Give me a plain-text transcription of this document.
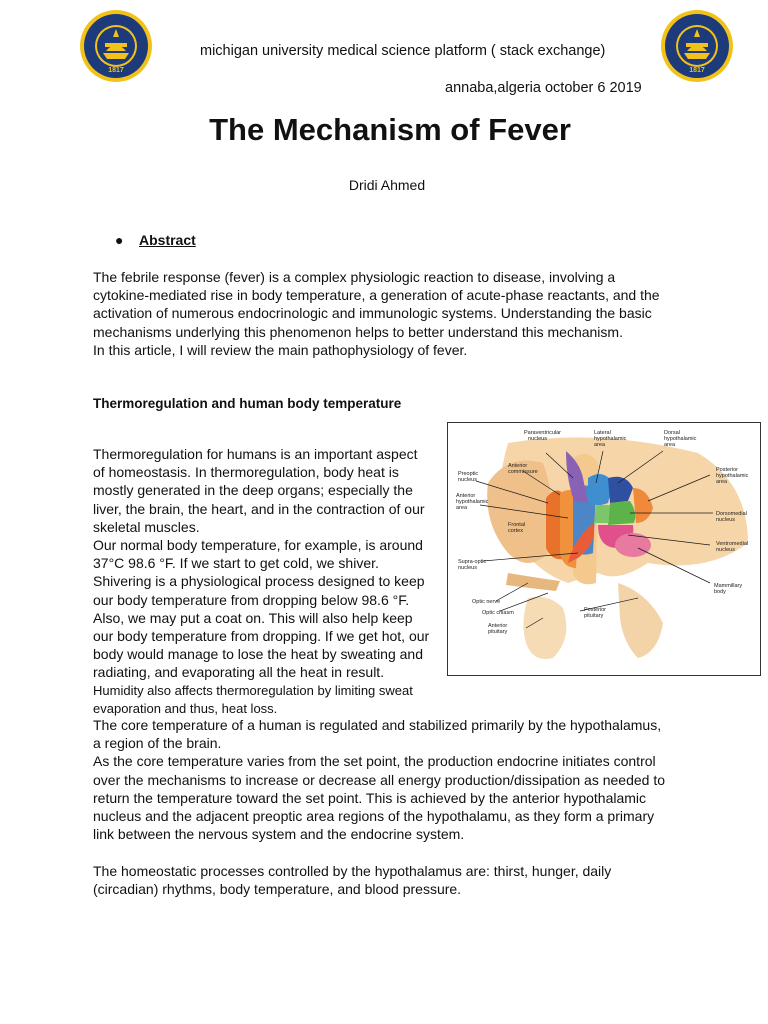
1817	1817
michigan university medical science platform ( stack exchange)
annaba,algeria october 6 2019
The Mechanism of Fever
Dridi Ahmed
● Abstract

The febrile response (fever) is a complex physiologic reaction to disease, involving a

cytokine-mediated rise in body temperature, a generation of acute-phase reactants, and the

activation of numerous endocrinologic and immunologic systems. Understanding the basic

mechanisms underlying this phenomenon helps to better understand this mechanism.

In this article, I will review the main pathophysiology of fever.

Thermoregulation and human body temperature
Thermoregulation for humans is an important aspect
of homeostasis. In thermoregulation, body heat is
mostly generated in the deep organs; especially the
liver, the brain, the heart, and in the contraction of our
skeletal muscles.
Our normal body temperature, for example, is around
37°C 98.6 °F. If we start to get cold, we shiver.
Shivering is a physiological process designed to keep
our body temperature from dropping below 98.6 °F.
Also, we may put a coat on. This will also help keep
our body temperature from dropping. If we get hot, our
body would manage to lose the heat by sweating and
radiating, and evaporating all the heat in result.
Humidity also affects thermoregulation by limiting sweat
evaporation and thus, heat loss.

The core temperature of a human is regulated and stabilized primarily by the hypothalamus,

a region of the brain.

As the core temperature varies from the set point, the production endocrine initiates control

over the mechanisms to increase or decrease all energy production/dissipation as needed to

return the temperature toward the set point. This is achieved by the anterior hypothalamic

nucleus and the adjacent preoptic area regions of the hypothalamu, as they form a primary

link between the nervous system and the endocrine system.

The homeostatic processes controlled by the hypothalamus are: thirst, hunger, daily

(circadian) rhythms, body temperature, and blood pressure.

Paraventricular nucleus
Lateral hypothalamic area
Dorsal hypothalamic area
Preoptic nucleus
Anterior commissure	Posterior hypothalamic area
Anterior hypothalamic area
Frontal cortex
Dorsomedial nucleus
Ventromedial nucleus
Supra-optic nucleus
Mammillary body
Optic nerve
Optic chiasm	Posterior pituitary
Anterior pituitary
